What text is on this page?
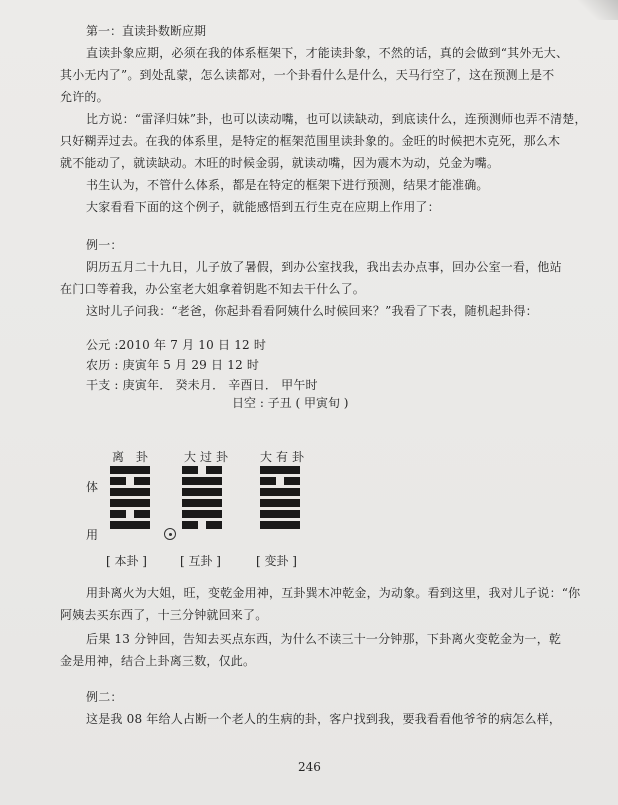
第一：直读卦数断应期
直读卦象应期，必须在我的体系框架下，才能读卦象，不然的话，真的会做到“其外无大、
其小无内了”。到处乱蒙，怎么读都对，一个卦看什么是什么，天马行空了，这在预测上是不
允许的。
比方说：“雷泽归妹”卦，也可以读动嘴，也可以读缺动，到底读什么，连预测师也弄不清楚，
只好糊弄过去。在我的体系里，是特定的框架范围里读卦象的。金旺的时候把木克死，那么木
就不能动了，就读缺动。木旺的时候金弱，就读动嘴，因为震木为动，兑金为嘴。
书生认为，不管什么体系，都是在特定的框架下进行预测，结果才能准确。
大家看看下面的这个例子，就能感悟到五行生克在应期上作用了：
例一：
阴历五月二十九日，儿子放了暑假，到办公室找我，我出去办点事，回办公室一看，他站
在门口等着我，办公室老大姐拿着钥匙不知去干什么了。
这时儿子问我：“老爸，你起卦看看阿姨什么时候回来？”我看了下表，随机起卦得：
公元 :2010 年 7 月 10 日 12 时
农历 : 庚寅年 5 月 29 日 12 时
干支 : 庚寅年． 癸未月． 辛酉日． 甲午时
日空 : 子丑 ( 甲寅旬 )
离 卦	大过卦 大有卦
体
用
[ 本卦 ]	[ 互卦 ]	[ 变卦 ]
用卦离火为大姐，旺，变乾金用神，互卦巽木冲乾金，为动象。看到这里，我对儿子说：“你
阿姨去买东西了，十三分钟就回来了。
后果 13 分钟回，告知去买点东西，为什么不读三十一分钟那，下卦离火变乾金为一，乾
金是用神，结合上卦离三数，仅此。
例二：
这是我 08 年给人占断一个老人的生病的卦，客户找到我，要我看看他爷爷的病怎么样，
246
